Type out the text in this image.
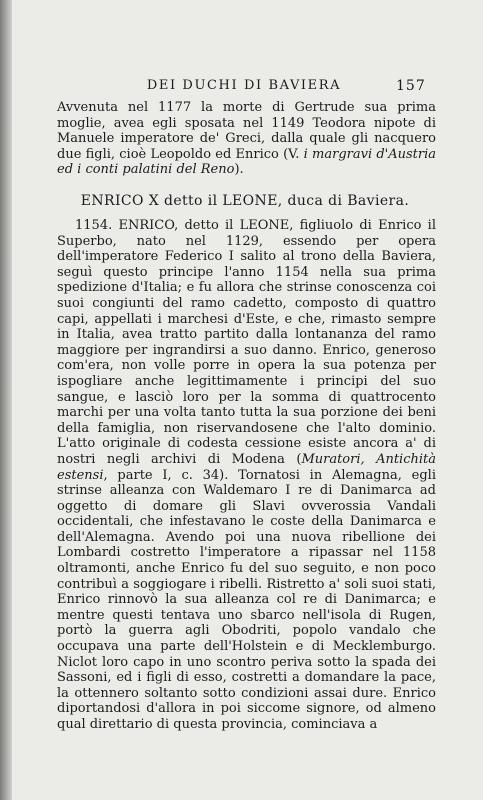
DEI DUCHI DI BAVIERA	157

Avvenuta nel 1177 la morte di Gertrude sua prima moglie, avea egli sposata nel 1149 Teodora nipote di Manuele imperatore de' Greci, dalla quale gli nacquero due figli, cioè Leopoldo ed Enrico (V. i margravi d'Austria ed i conti palatini del Reno).

ENRICO X detto il LEONE, duca di Baviera.

1154. ENRICO, detto il LEONE, figliuolo di Enrico il Superbo, nato nel 1129, essendo per opera dell'imperatore Federico I salito al trono della Baviera, seguì questo principe l'anno 1154 nella sua prima spedizione d'Italia; e fu allora che strinse conoscenza coi suoi congiunti del ramo cadetto, composto di quattro capi, appellati i marchesi d'Este, e che, rimasto sempre in Italia, avea tratto partito dalla lontananza del ramo maggiore per ingrandirsi a suo danno. Enrico, generoso com'era, non volle porre in opera la sua potenza per ispogliare anche legittimamente i principi del suo sangue, e lasciò loro per la somma di quattrocento marchi per una volta tanto tutta la sua porzione dei beni della famiglia, non riservandosene che l'alto dominio. L'atto originale di codesta cessione esiste ancora a' di nostri negli archivi di Modena (Muratori, Antichità estensi, parte I, c. 34). Tornatosi in Alemagna, egli strinse alleanza con Waldemaro I re di Danimarca ad oggetto di domare gli Slavi ovverossia Vandali occidentali, che infestavano le coste della Danimarca e dell'Alemagna. Avendo poi una nuova ribellione dei Lombardi costretto l'imperatore a ripassar nel 1158 oltramonti, anche Enrico fu del suo seguito, e non poco contribuì a soggiogare i ribelli. Ristretto a' soli suoi stati, Enrico rinnovò la sua alleanza col re di Danimarca; e mentre questi tentava uno sbarco nell'isola di Rugen, portò la guerra agli Obodriti, popolo vandalo che occupava una parte dell'Holstein e di Mecklemburgo. Niclot loro capo in uno scontro periva sotto la spada dei Sassoni, ed i figli di esso, costretti a domandare la pace, la ottennero soltanto sotto condizioni assai dure. Enrico diportandosi d'allora in poi siccome signore, od almeno qual direttario di questa provincia, cominciava a
